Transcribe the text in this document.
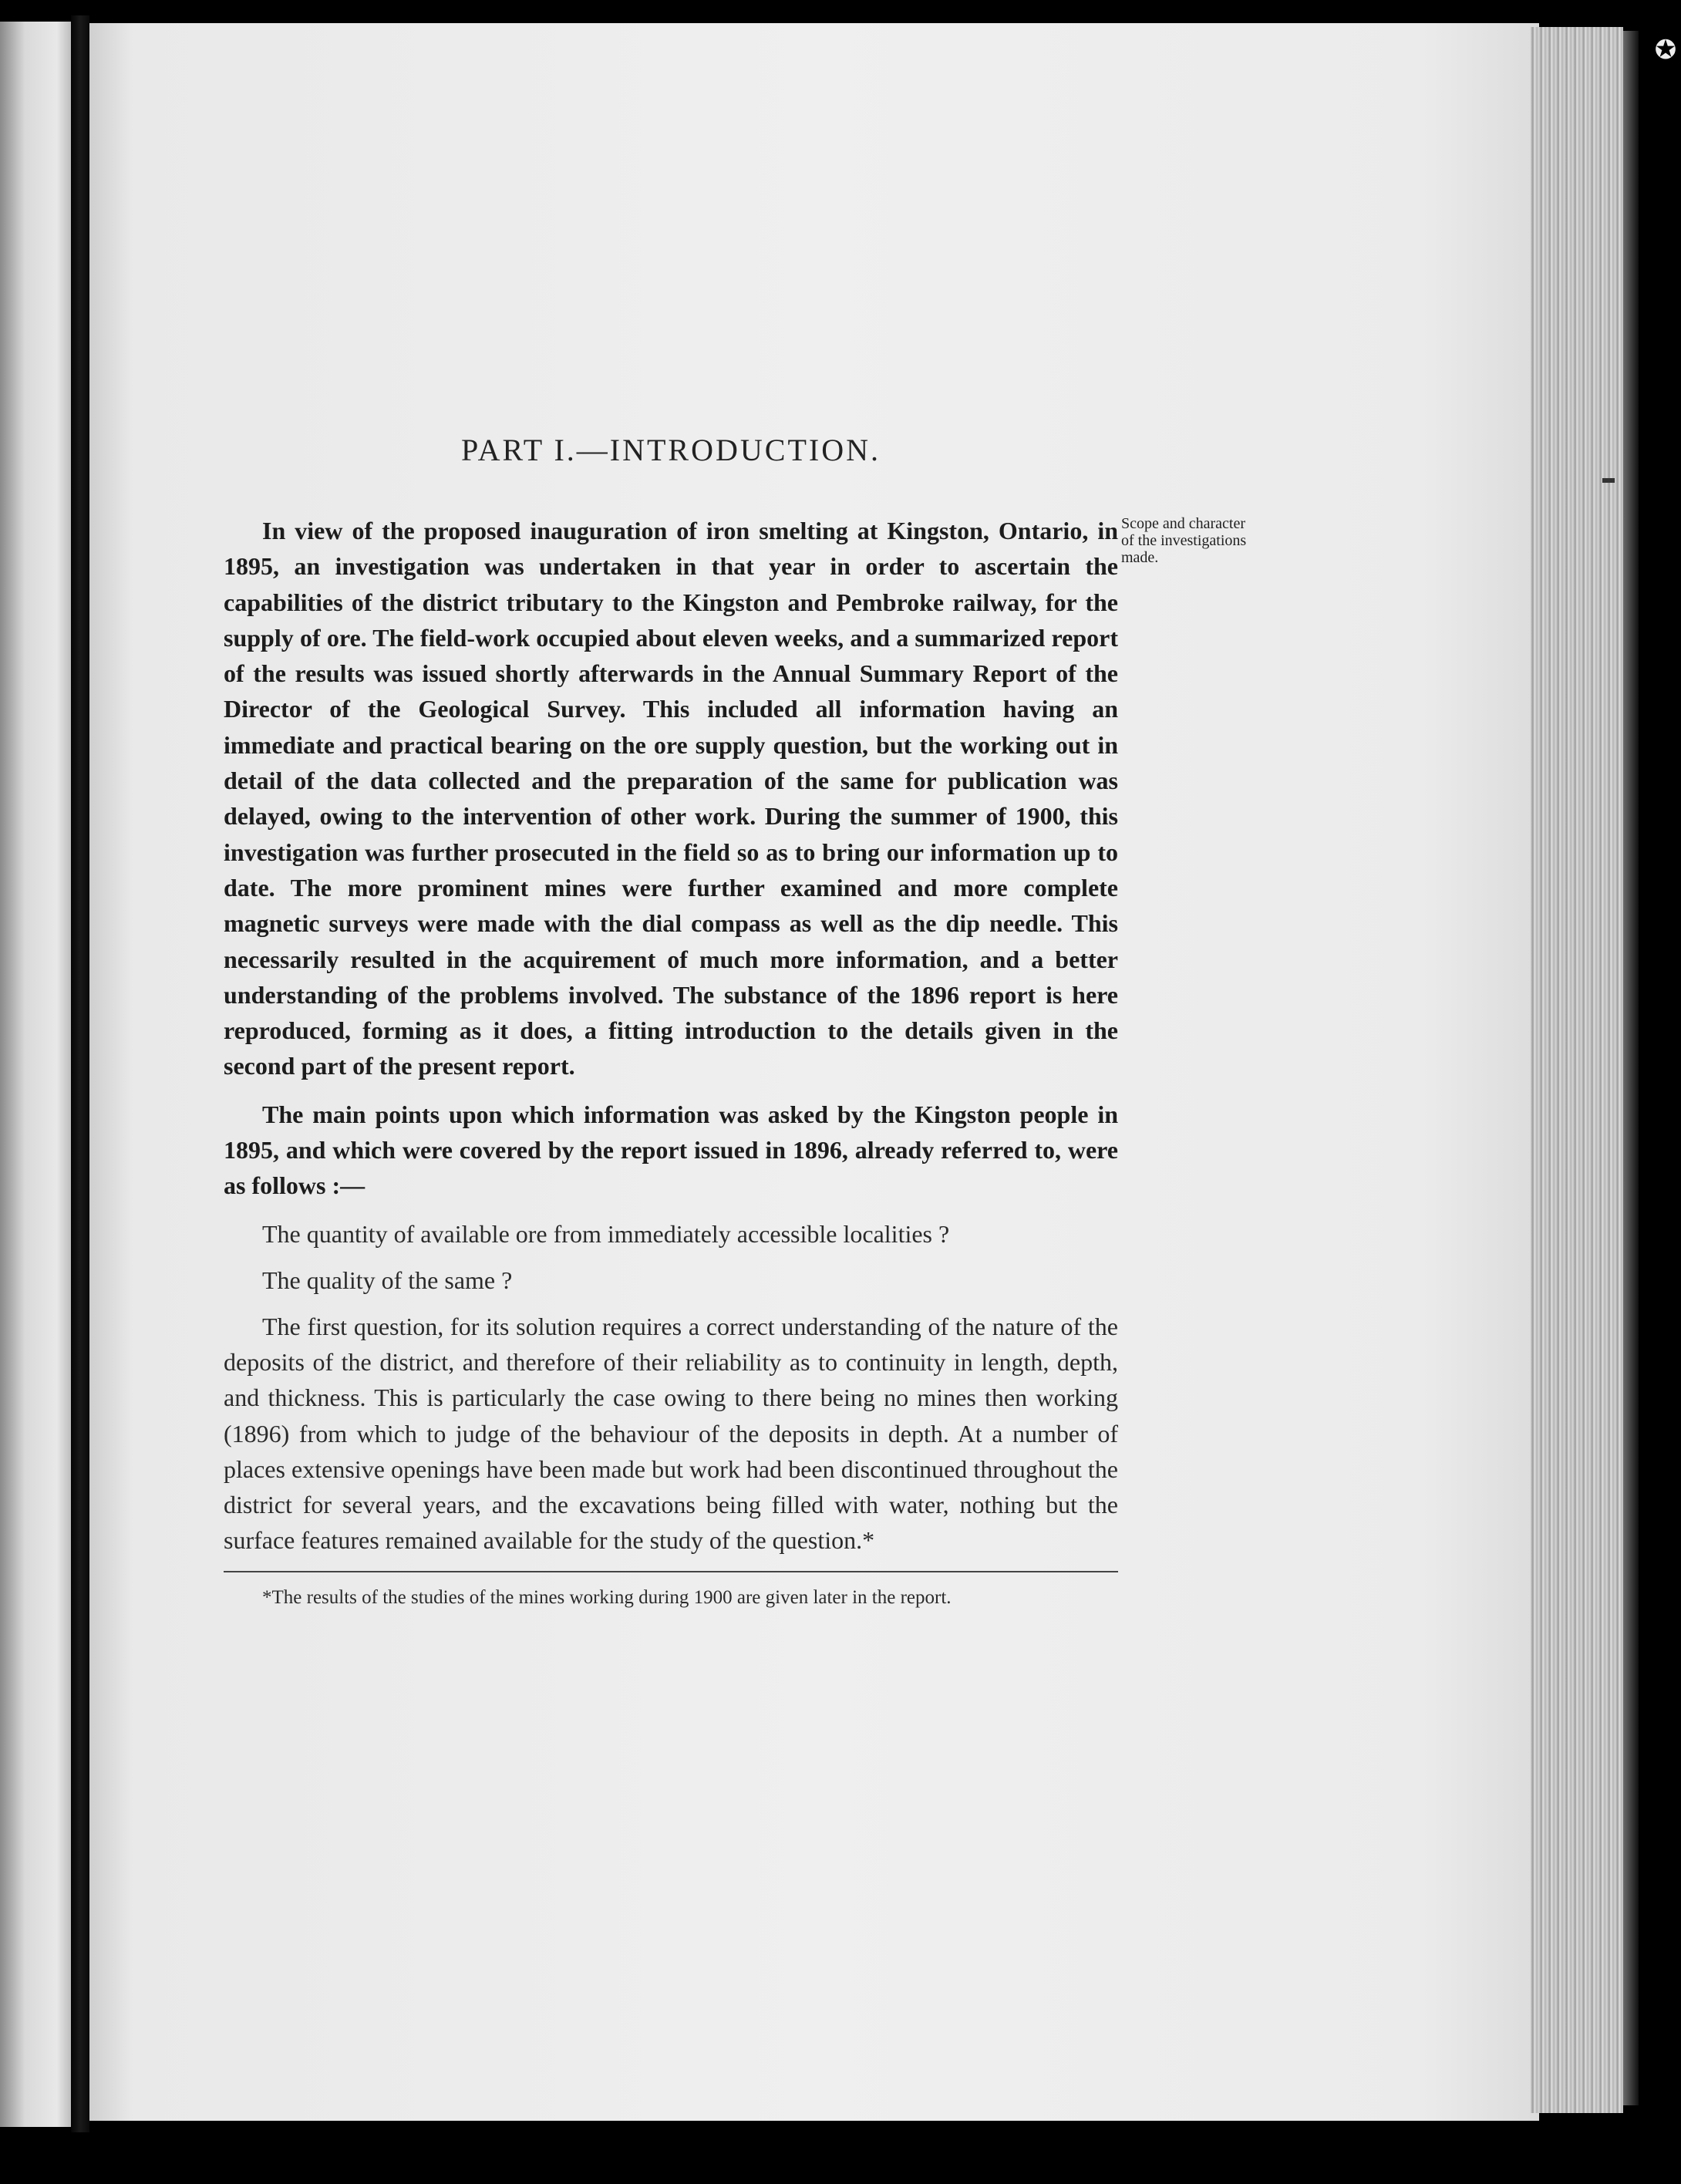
✪
Scope and character of the investigations made.
PART I.—INTRODUCTION.

In view of the proposed inauguration of iron smelting at Kingston, Ontario, in 1895, an investigation was undertaken in that year in order to ascertain the capabilities of the district tributary to the Kingston and Pembroke railway, for the supply of ore. The field-work occupied about eleven weeks, and a summarized report of the results was issued shortly afterwards in the Annual Summary Report of the Director of the Geological Survey. This included all information having an immediate and practical bearing on the ore supply question, but the working out in detail of the data collected and the preparation of the same for publication was delayed, owing to the intervention of other work. During the summer of 1900, this investigation was further prosecuted in the field so as to bring our information up to date. The more prominent mines were further examined and more complete magnetic surveys were made with the dial compass as well as the dip needle. This necessarily resulted in the acquirement of much more information, and a better understanding of the problems involved. The substance of the 1896 report is here reproduced, forming as it does, a fitting introduction to the details given in the second part of the present report.

The main points upon which information was asked by the Kingston people in 1895, and which were covered by the report issued in 1896, already referred to, were as follows :—

The quantity of available ore from immediately accessible localities ?

The quality of the same ?

The first question, for its solution requires a correct understanding of the nature of the deposits of the district, and therefore of their reliability as to continuity in length, depth, and thickness. This is particularly the case owing to there being no mines then working (1896) from which to judge of the behaviour of the deposits in depth. At a number of places extensive openings have been made but work had been discontinued throughout the district for several years, and the excavations being filled with water, nothing but the surface features remained available for the study of the question.*

*The results of the studies of the mines working during 1900 are given later in the report.
